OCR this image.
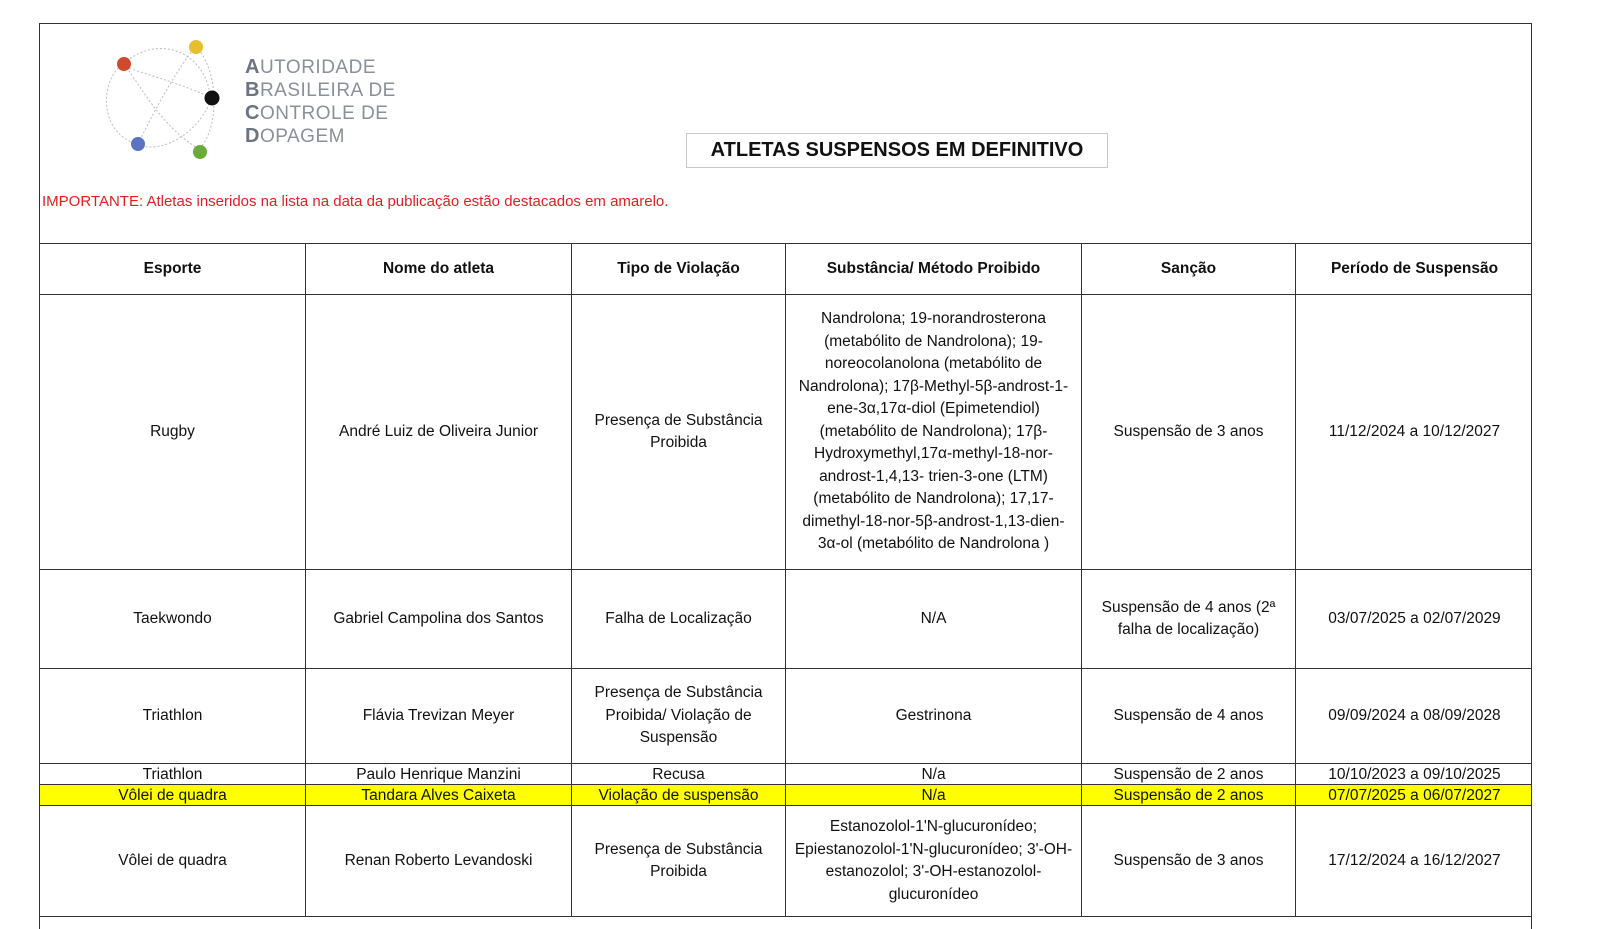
AUTORIDADE
BRASILEIRA DE
CONTROLE DE
DOPAGEM
ATLETAS SUSPENSOS EM DEFINITIVO
IMPORTANTE: Atletas inseridos na lista na data da publicação estão destacados em amarelo.
Esporte	Nome do atleta	Tipo de Violação	Substância/ Método Proibido	Sanção	Período de Suspensão
Rugby	André Luiz de Oliveira Junior	Presença de Substância Proibida	Nandrolona; 19-norandrosterona (metabólito de Nandrolona); 19-noreocolanolona (metabólito de Nandrolona); 17β-Methyl-5β-androst-1-ene-3α,17α-diol (Epimetendiol) (metabólito de Nandrolona); 17β-Hydroxymethyl,17α-methyl-18-nor-androst-1,4,13- trien-3-one (LTM) (metabólito de Nandrolona); 17,17-dimethyl-18-nor-5β-androst-1,13-dien-3α-ol (metabólito de Nandrolona )	Suspensão de 3 anos	11/12/2024 a 10/12/2027
Taekwondo	Gabriel Campolina dos Santos	Falha de Localização	N/A	Suspensão de 4 anos (2ª falha de localização)	03/07/2025 a 02/07/2029
Triathlon	Flávia Trevizan Meyer	Presença de Substância Proibida/ Violação de Suspensão	Gestrinona	Suspensão de 4 anos	09/09/2024 a 08/09/2028
Triathlon	Paulo Henrique Manzini	Recusa	N/a	Suspensão de 2 anos	10/10/2023 a 09/10/2025
Vôlei de quadra	Tandara Alves Caixeta	Violação de suspensão	N/a	Suspensão de 2 anos	07/07/2025 a 06/07/2027
Vôlei de quadra	Renan Roberto Levandoski	Presença de Substância Proibida	Estanozolol-1'N-glucuronídeo; Epiestanozolol-1'N-glucuronídeo; 3'-OH-estanozolol; 3'-OH-estanozolol-glucuronídeo	Suspensão de 3 anos	17/12/2024 a 16/12/2027
